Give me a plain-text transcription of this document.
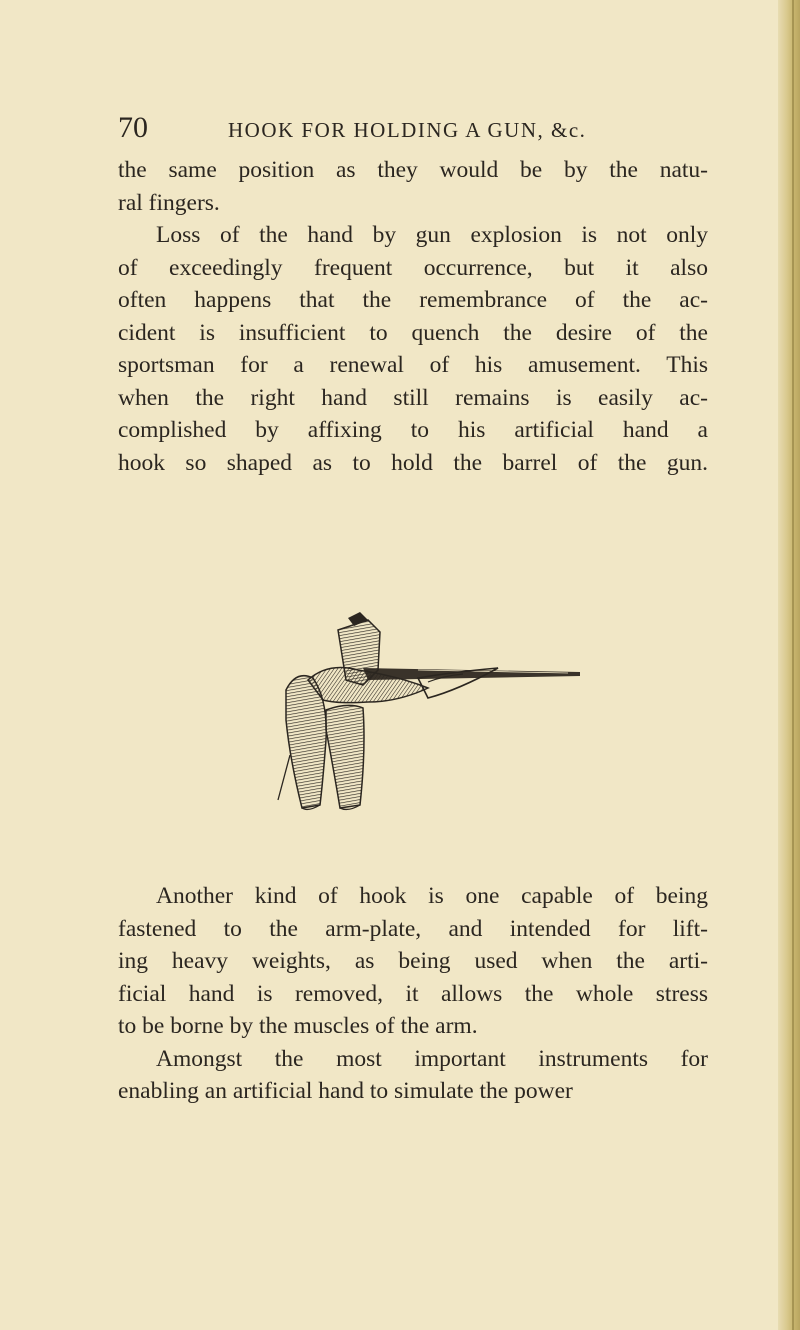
70	HOOK FOR HOLDING A GUN, &c.

the same position as they would be by the natu-
ral fingers.

Loss of the hand by gun explosion is not only
of exceedingly frequent occurrence, but it also
often happens that the remembrance of the ac-
cident is insufficient to quench the desire of the
sportsman for a renewal of his amusement. This
when the right hand still remains is easily ac-
complished by affixing to his artificial hand a
hook so shaped as to hold the barrel of the gun.

Another kind of hook is one capable of being
fastened to the arm-plate, and intended for lift-
ing heavy weights, as being used when the arti-
ficial hand is removed, it allows the whole stress
to be borne by the muscles of the arm.

Amongst the most important instruments for
enabling an artificial hand to simulate the power
